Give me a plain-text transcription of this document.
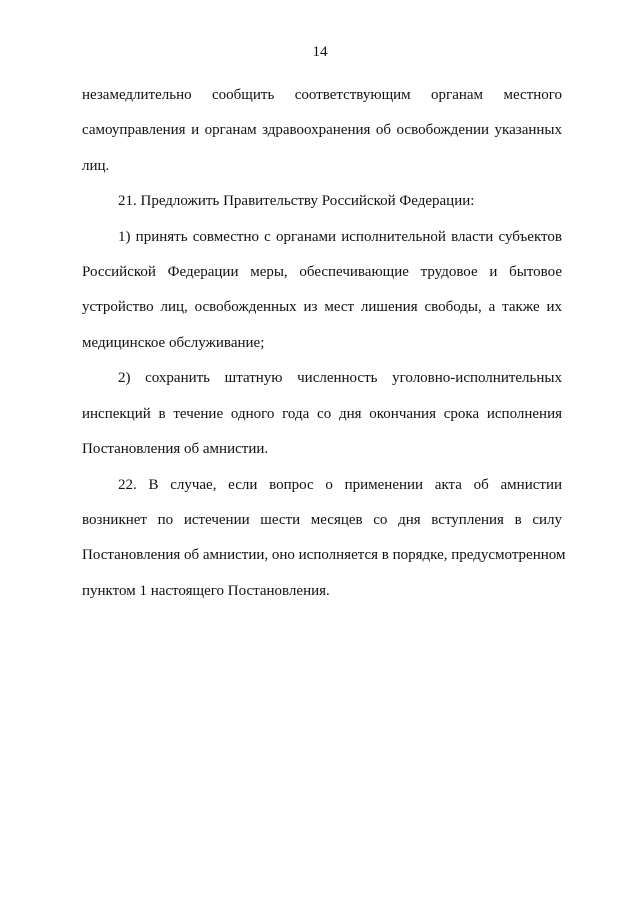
14
незамедлительно сообщить соответствующим органам местного
самоуправления и органам здравоохранения об освобождении указанных
лиц.
21. Предложить Правительству Российской Федерации:
1) принять совместно с органами исполнительной власти субъектов
Российской Федерации меры, обеспечивающие трудовое и бытовое
устройство лиц, освобожденных из мест лишения свободы, а также их
медицинское обслуживание;
2) сохранить штатную численность уголовно-исполнительных
инспекций в течение одного года со дня окончания срока исполнения
Постановления об амнистии.
22. В случае, если вопрос о применении акта об амнистии
возникнет по истечении шести месяцев со дня вступления в силу
Постановления об амнистии, оно исполняется в порядке, предусмотренном
пунктом 1 настоящего Постановления.
